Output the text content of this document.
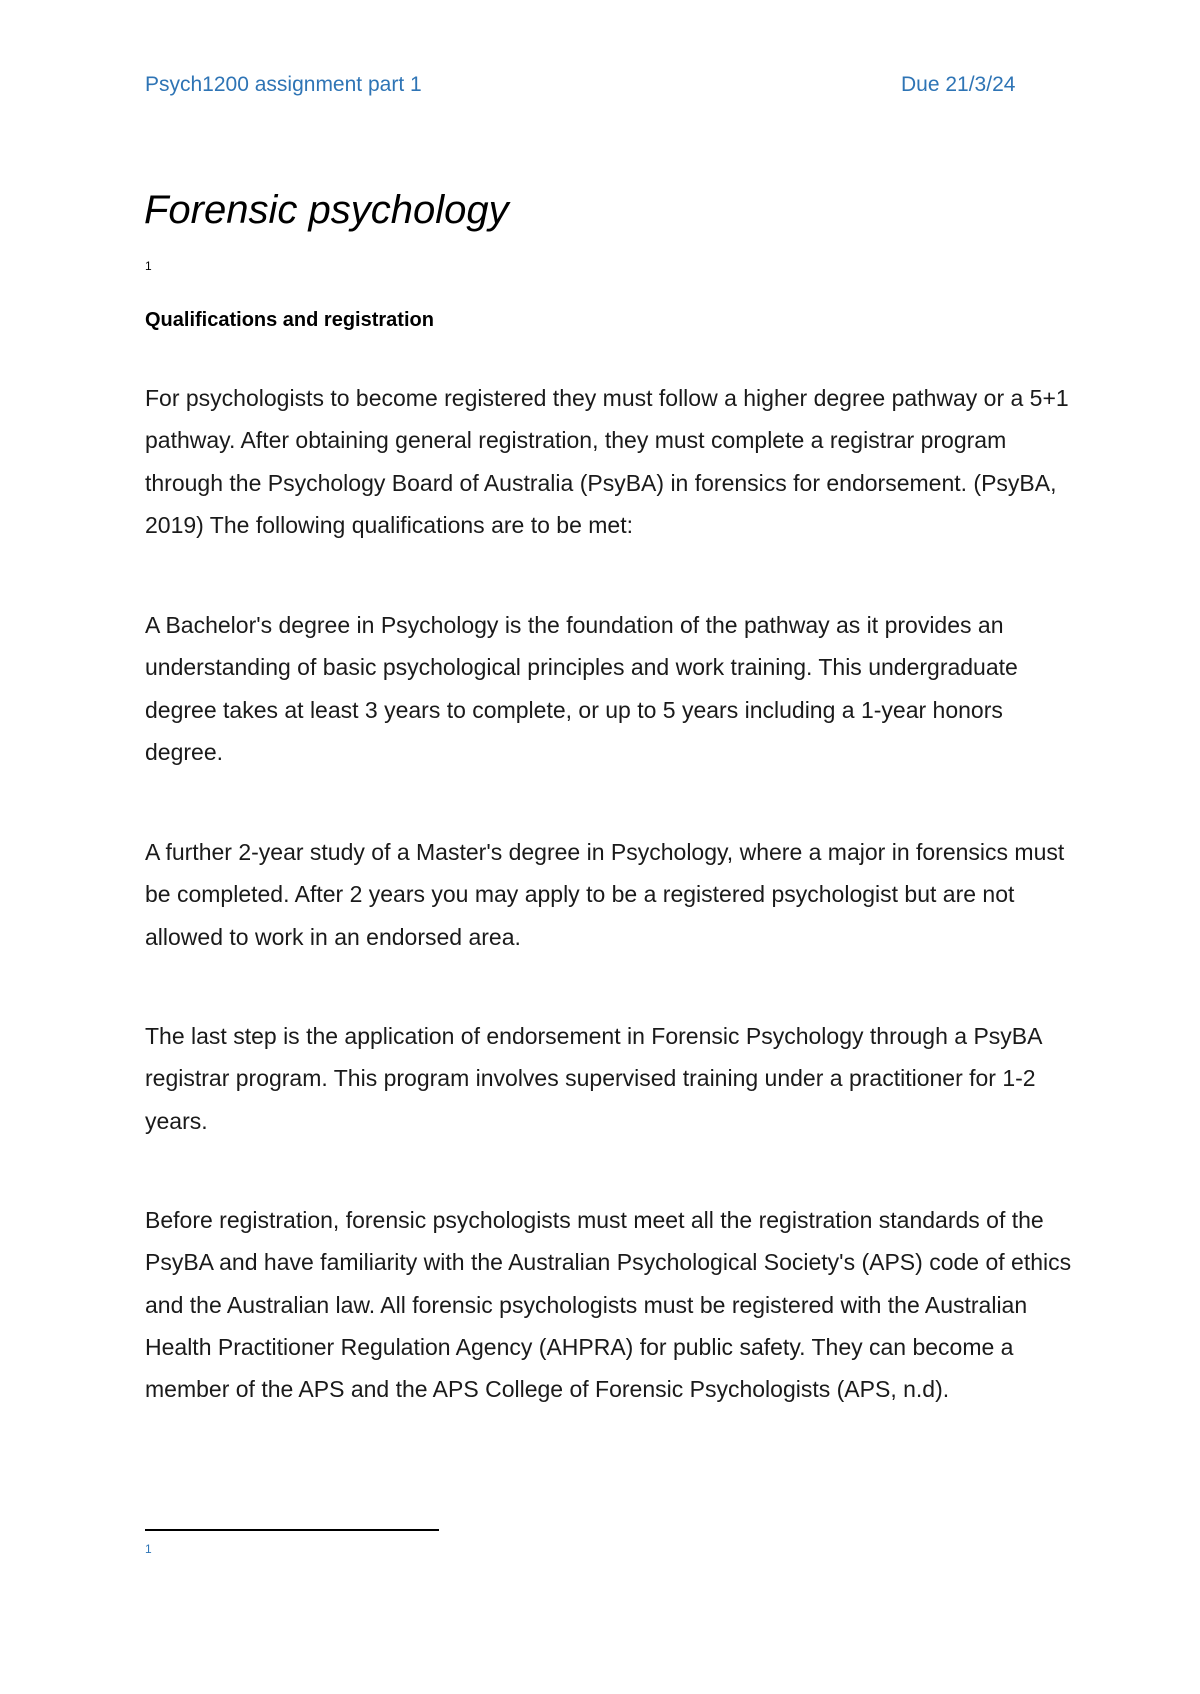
Psych1200 assignment part 1	Due 21/3/24
Forensic psychology
1
Qualifications and registration

For psychologists to become registered they must follow a higher degree pathway or a 5+1 pathway. After obtaining general registration, they must complete a registrar program through the Psychology Board of Australia (PsyBA) in forensics for endorsement. (PsyBA, 2019) The following qualifications are to be met:

A Bachelor's degree in Psychology is the foundation of the pathway as it provides an understanding of basic psychological principles and work training. This undergraduate degree takes at least 3 years to complete, or up to 5 years including a 1-year honors degree.

A further 2-year study of a Master's degree in Psychology, where a major in forensics must be completed. After 2 years you may apply to be a registered psychologist but are not allowed to work in an endorsed area.

The last step is the application of endorsement in Forensic Psychology through a PsyBA registrar program. This program involves supervised training under a practitioner for 1-2 years.

Before registration, forensic psychologists must meet all the registration standards of the PsyBA and have familiarity with the Australian Psychological Society's (APS) code of ethics and the Australian law. All forensic psychologists must be registered with the Australian Health Practitioner Regulation Agency (AHPRA) for public safety. They can become a member of the APS and the APS College of Forensic Psychologists (APS, n.d).

1
